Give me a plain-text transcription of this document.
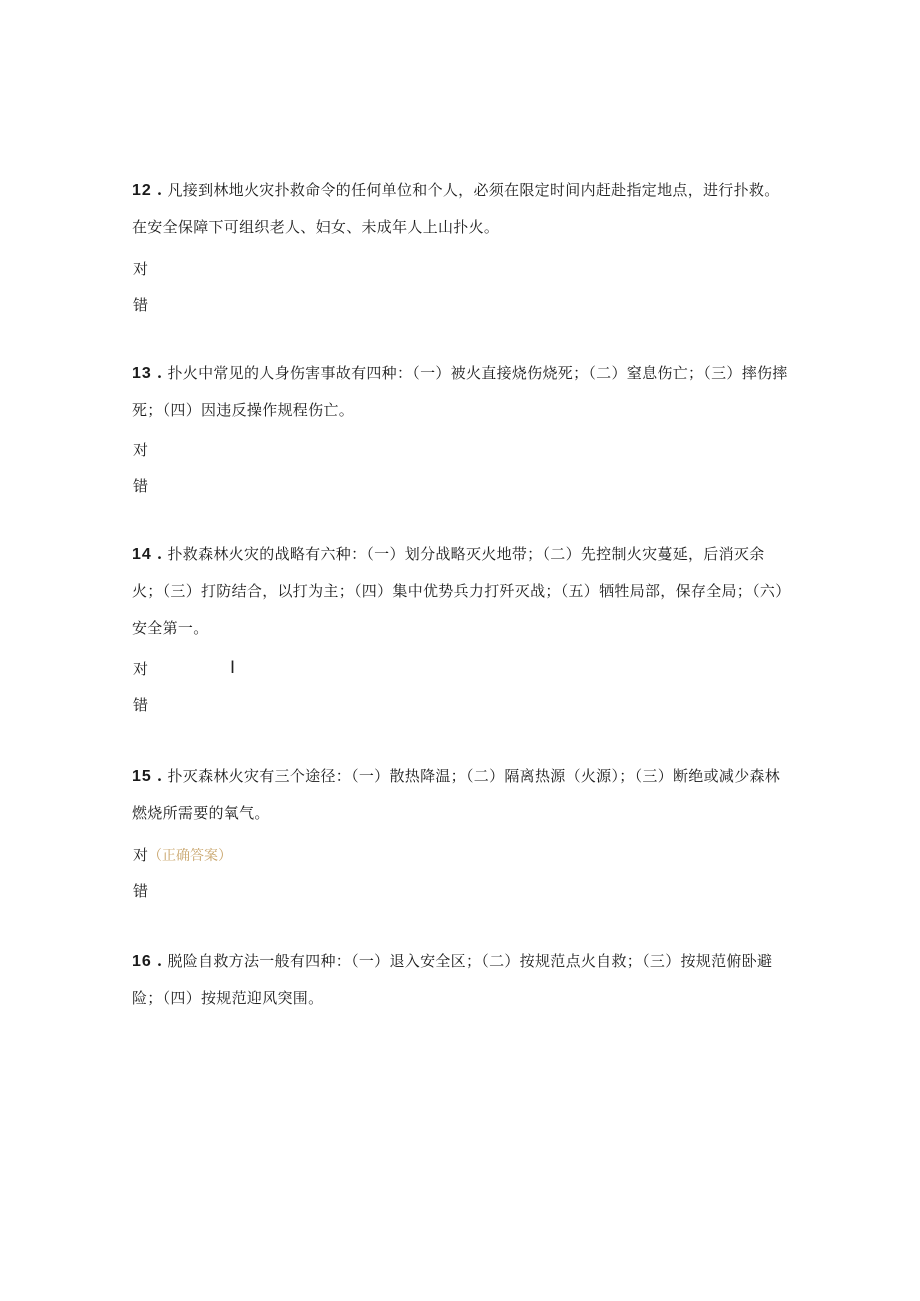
12 . 凡接到林地火灾扑救命令的任何单位和个人，必须在限定时间内赶赴指定地点，进行扑救。在安全保障下可组织老人、妇女、未成年人上山扑火。
对
错
13 . 扑火中常见的人身伤害事故有四种：（一）被火直接烧伤烧死；（二）窒息伤亡；（三）摔伤摔死；（四）因违反操作规程伤亡。
对
错
14 . 扑救森林火灾的战略有六种：（一）划分战略灭火地带；（二）先控制火灾蔓延，后消灭余火；（三）打防结合，以打为主；（四）集中优势兵力打歼灭战；（五）牺牲局部，保存全局；（六）安全第一。
对
错
I
15 . 扑灭森林火灾有三个途径：（一）散热降温；（二）隔离热源（火源）；（三）断绝或减少森林燃烧所需要的氧气。
对（正确答案）
错
16 . 脱险自救方法一般有四种：（一）退入安全区；（二）按规范点火自救；（三）按规范俯卧避险；（四）按规范迎风突围。
